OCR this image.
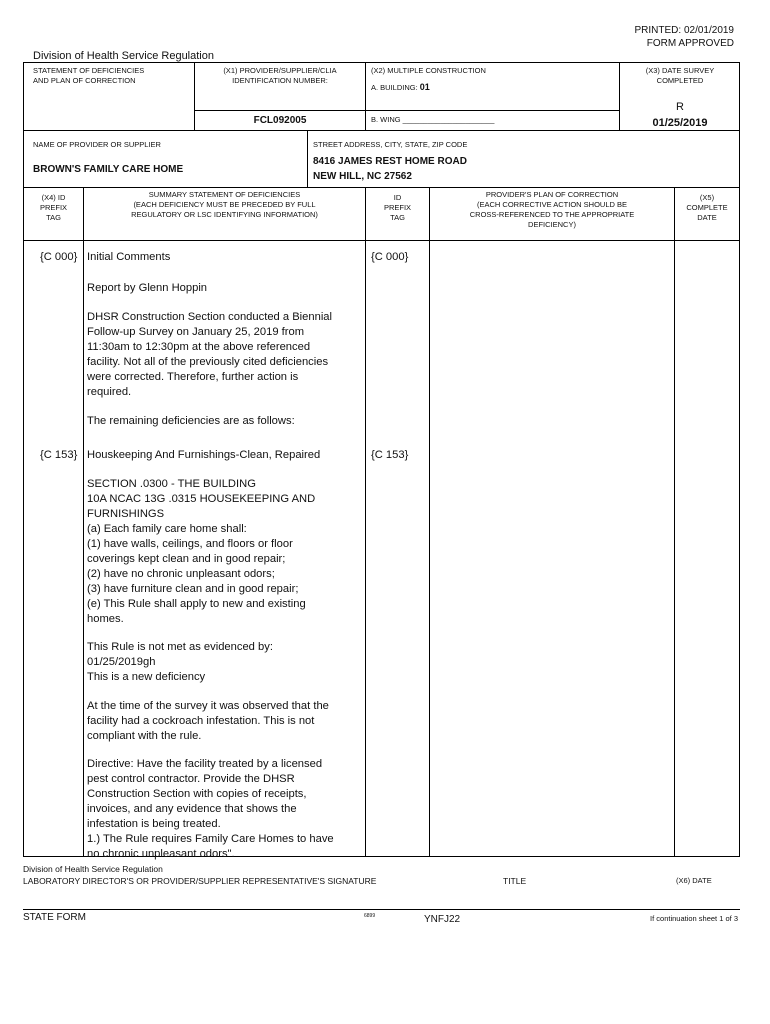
PRINTED: 02/01/2019
FORM APPROVED
Division of Health Service Regulation
STATEMENT OF DEFICIENCIES
AND PLAN OF CORRECTION
(X1) PROVIDER/SUPPLIER/CLIA
IDENTIFICATION NUMBER:
FCL092005
(X2) MULTIPLE CONSTRUCTION
A. BUILDING: 01
B. WING ______________________
(X3) DATE SURVEY
COMPLETED
R
01/25/2019
NAME OF PROVIDER OR SUPPLIER
BROWN'S FAMILY CARE HOME
STREET ADDRESS, CITY, STATE, ZIP CODE
8416 JAMES REST HOME ROAD
NEW HILL, NC 27562
(X4) ID
PREFIX
TAG
SUMMARY STATEMENT OF DEFICIENCIES
(EACH DEFICIENCY MUST BE PRECEDED BY FULL
REGULATORY OR LSC IDENTIFYING INFORMATION)
ID
PREFIX
TAG
PROVIDER'S PLAN OF CORRECTION
(EACH CORRECTIVE ACTION SHOULD BE
CROSS-REFERENCED TO THE APPROPRIATE
DEFICIENCY)
(X5)
COMPLETE
DATE
{C 000}	{C 000}
Initial Comments
Report by Glenn Hoppin
DHSR Construction Section conducted a Biennial
Follow-up Survey on January 25, 2019 from
11:30am to 12:30pm at the above referenced
facility. Not all of the previously cited deficiencies
were corrected. Therefore, further action is
required.
The remaining deficiencies are as follows:
{C 153}	{C 153}
Houskeeping And Furnishings-Clean, Repaired
SECTION .0300 - THE BUILDING
10A NCAC 13G .0315 HOUSEKEEPING AND
FURNISHINGS
(a) Each family care home shall:
(1) have walls, ceilings, and floors or floor
coverings kept clean and in good repair;
(2) have no chronic unpleasant odors;
(3) have furniture clean and in good repair;
(e) This Rule shall apply to new and existing
homes.
This Rule is not met as evidenced by:
01/25/2019gh
This is a new deficiency
At the time of the survey it was observed that the
facility had a cockroach infestation. This is not
compliant with the rule.
Directive: Have the facility treated by a licensed
pest control contractor. Provide the DHSR
Construction Section with copies of receipts,
invoices, and any evidence that shows the
infestation is being treated.
1.) The Rule requires Family Care Homes to have
no chronic unpleasant odors".
Division of Health Service Regulation
LABORATORY DIRECTOR'S OR PROVIDER/SUPPLIER REPRESENTATIVE'S SIGNATURE	TITLE	(X6) DATE
STATE FORM	6899	YNFJ22	If continuation sheet 1 of 3
